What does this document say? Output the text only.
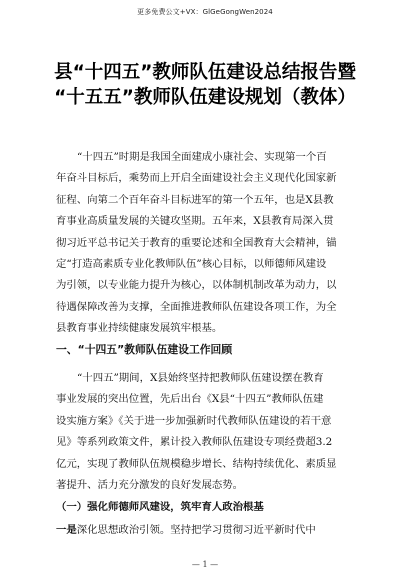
更多免费公文+VX：GlGeGongWen2024
县“十四五”教师队伍建设总结报告暨
“十五五”教师队伍建设规划（教体）

“十四五”时期是我国全面建成小康社会、实现第一个百
年奋斗目标后，乘势而上开启全面建设社会主义现代化国家新
征程、向第二个百年奋斗目标进军的第一个五年，也是X县教
育事业高质量发展的关键攻坚期。五年来，X县教育局深入贯
彻习近平总书记关于教育的重要论述和全国教育大会精神，锚
定“打造高素质专业化教师队伍”核心目标，以师德师风建设
为引领，以专业能力提升为核心，以体制机制改革为动力，以
待遇保障改善为支撑，全面推进教师队伍建设各项工作，为全
县教育事业持续健康发展筑牢根基。

一、“十四五”教师队伍建设工作回顾

“十四五”期间，X县始终坚持把教师队伍建设摆在教育
事业发展的突出位置，先后出台《X县“十四五”教师队伍建
设实施方案》《关于进一步加强新时代教师队伍建设的若干意
见》等系列政策文件，累计投入教师队伍建设专项经费超3.2
亿元，实现了教师队伍规模稳步增长、结构持续优化、素质显
著提升、活力充分激发的良好发展态势。

（一）强化师德师风建设，筑牢育人政治根基

一是深化思想政治引领。坚持把学习贯彻习近平新时代中

— 1 —
